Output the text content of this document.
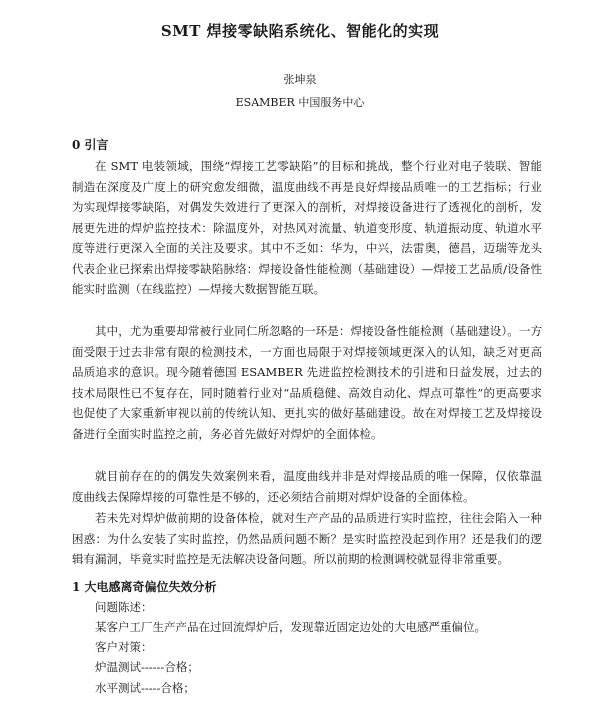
SMT 焊接零缺陷系统化、智能化的实现
张坤泉
ESAMBER 中国服务中心
0 引言

在 SMT 电装领域，围绕“焊接工艺零缺陷”的目标和挑战，整个行业对电子装联、智能制造在深度及广度上的研究愈发细微，温度曲线不再是良好焊接品质唯一的工艺指标；行业为实现焊接零缺陷，对偶发失效进行了更深入的剖析，对焊接设备进行了透视化的剖析，发展更先进的焊炉监控技术：除温度外，对热风对流量、轨道变形度、轨道振动度、轨道水平度等进行更深入全面的关注及要求。其中不乏如：华为，中兴，法雷奥，德昌，迈瑞等龙头代表企业已探索出焊接零缺陷脉络：焊接设备性能检测（基础建设）—焊接工艺品质/设备性能实时监测（在线监控）—焊接大数据智能互联。

其中，尤为重要却常被行业同仁所忽略的一环是：焊接设备性能检测（基础建设）。一方面受限于过去非常有限的检测技术，一方面也局限于对焊接领域更深入的认知，缺乏对更高品质追求的意识。现今随着德国 ESAMBER 先进监控检测技术的引进和日益发展，过去的技术局限性已不复存在，同时随着行业对“品质稳健、高效自动化、焊点可靠性”的更高要求也促使了大家重新审视以前的传统认知、更扎实的做好基础建设。故在对焊接工艺及焊接设备进行全面实时监控之前，务必首先做好对焊炉的全面体检。

就目前存在的的偶发失效案例来看，温度曲线并非是对焊接品质的唯一保障，仅依靠温度曲线去保障焊接的可靠性是不够的，还必须结合前期对焊炉设备的全面体检。

若未先对焊炉做前期的设备体检，就对生产产品的品质进行实时监控，往往会陷入一种困惑：为什么安装了实时监控，仍然品质问题不断？是实时监控没起到作用？还是我们的逻辑有漏洞，毕竟实时监控是无法解决设备问题。所以前期的检测调校就显得非常重要。

1 大电感离奇偏位失效分析
问题陈述：
某客户工厂生产产品在过回流焊炉后，发现靠近固定边处的大电感严重偏位。
客户对策：
炉温测试------合格；
水平测试-----合格；
